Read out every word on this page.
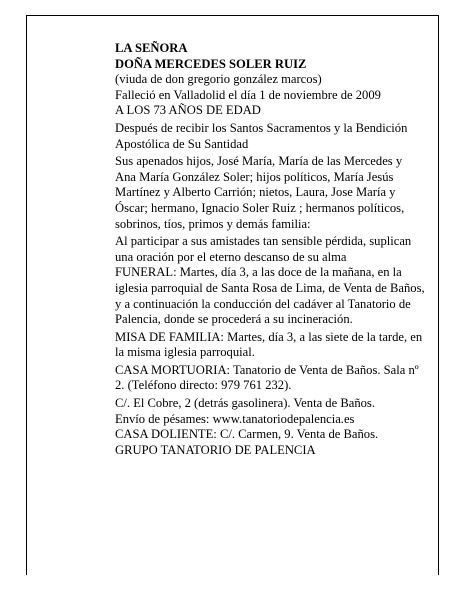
LA SEÑORA

DOÑA MERCEDES SOLER RUIZ

(viuda de don gregorio gonzález marcos)

Falleció en Valladolid el día 1 de noviembre de 2009

A LOS 73 AÑOS DE EDAD

Después de recibir los Santos Sacramentos y la Bendición Apostólica de Su Santidad

Sus apenados hijos, José María, María de las Mercedes y Ana María González Soler; hijos políticos, María Jesús Martínez y Alberto Carrión; nietos, Laura, Jose María y Óscar; hermano, Ignacio Soler Ruiz ; hermanos políticos, sobrinos, tíos, primos y demás familia:

Al participar a sus amistades tan sensible pérdida, suplican una oración por el eterno descanso de su alma

FUNERAL: Martes, día 3, a las doce de la mañana, en la iglesia parroquial de Santa Rosa de Lima, de Venta de Baños, y a continuación la conducción del cadáver al Tanatorio de Palencia, donde se procederá a su incineración.

MISA DE FAMILIA: Martes, día 3, a las siete de la tarde, en la misma iglesia parroquial.

CASA MORTUORIA: Tanatorio de Venta de Baños. Sala nº 2. (Teléfono directo: 979 761 232).

C/. El Cobre, 2 (detrás gasolinera). Venta de Baños.

Envío de pésames: www.tanatoriodepalencia.es

CASA DOLIENTE: C/. Carmen, 9. Venta de Baños.

GRUPO TANATORIO DE PALENCIA
